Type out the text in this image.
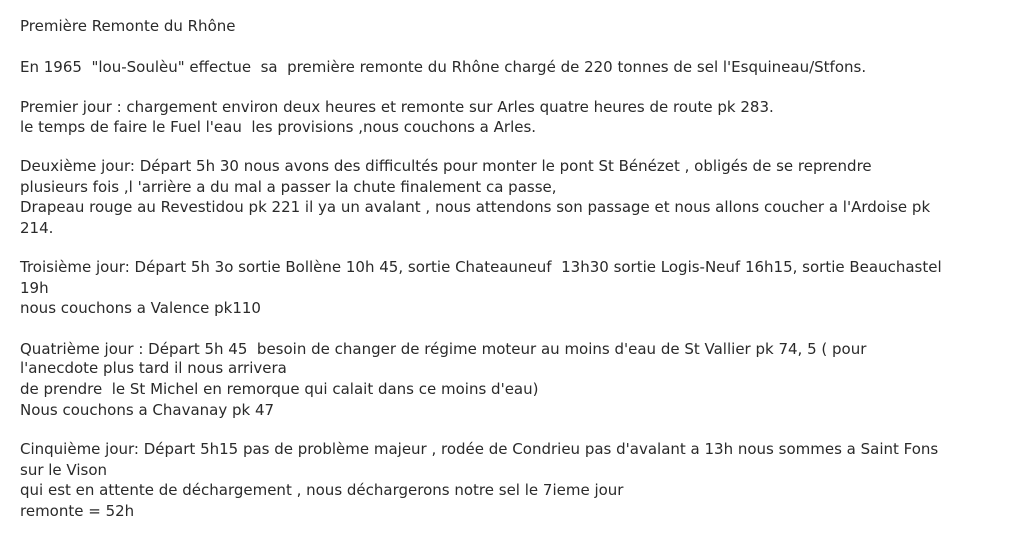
Première Remonte du Rhône

En 1965  "lou-Soulèu" effectue  sa  première remonte du Rhône chargé de 220 tonnes de sel l'Esquineau/Stfons.

Premier jour : chargement environ deux heures et remonte sur Arles quatre heures de route pk 283.

le temps de faire le Fuel l'eau  les provisions ,nous couchons a Arles.

Deuxième jour: Départ 5h 30 nous avons des difficultés pour monter le pont St Bénézet , obligés de se reprendre

plusieurs fois ,l 'arrière a du mal a passer la chute finalement ca passe,

Drapeau rouge au Revestidou pk 221 il ya un avalant , nous attendons son passage et nous allons coucher a l'Ardoise pk

214.

Troisième jour: Départ 5h 3o sortie Bollène 10h 45, sortie Chateauneuf  13h30 sortie Logis-Neuf 16h15, sortie Beauchastel

19h

nous couchons a Valence pk110

Quatrième jour : Départ 5h 45  besoin de changer de régime moteur au moins d'eau de St Vallier pk 74, 5 ( pour

l'anecdote plus tard il nous arrivera

de prendre  le St Michel en remorque qui calait dans ce moins d'eau)

Nous couchons a Chavanay pk 47

Cinquième jour: Départ 5h15 pas de problème majeur , rodée de Condrieu pas d'avalant a 13h nous sommes a Saint Fons

sur le Vison

qui est en attente de déchargement , nous déchargerons notre sel le 7ieme jour

remonte = 52h
